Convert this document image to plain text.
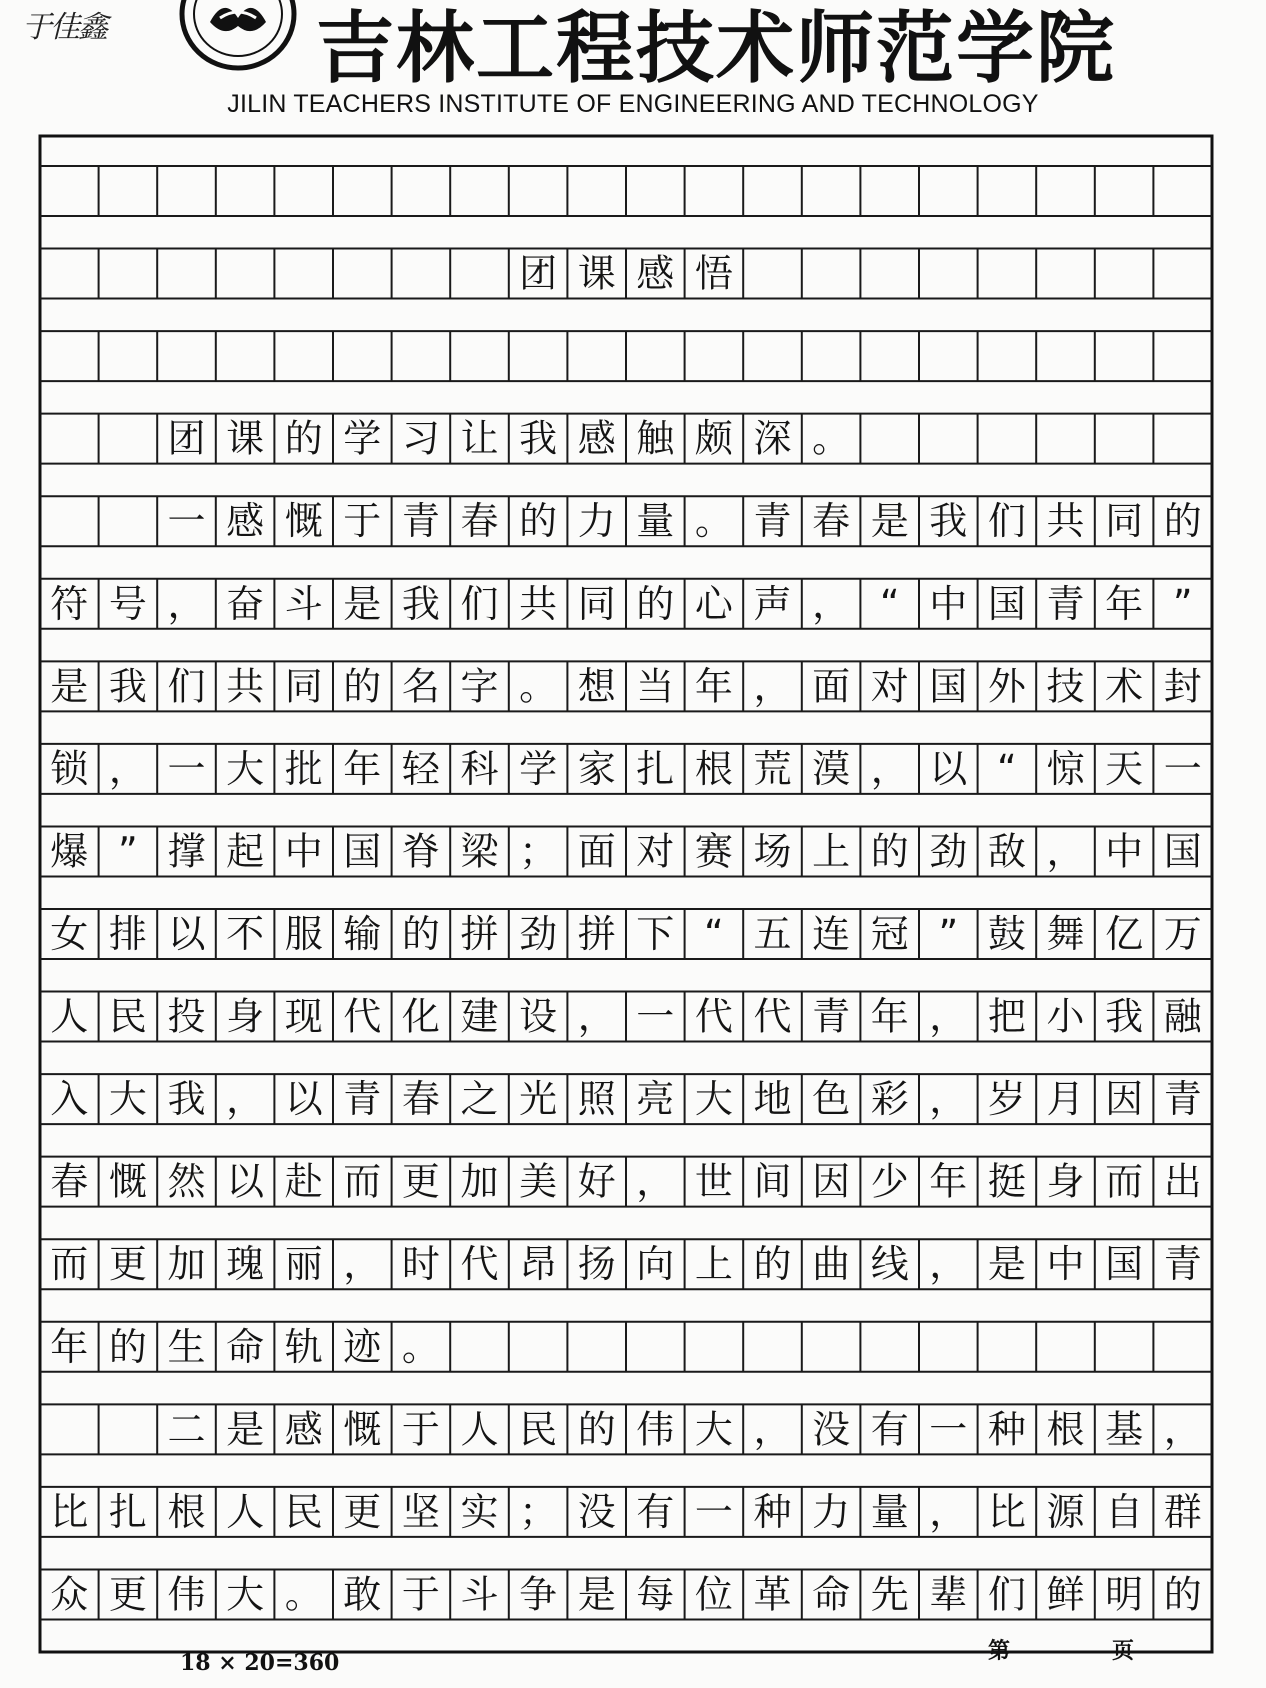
于佳鑫	吉林工程技术师范学院
JILIN TEACHERS INSTITUTE OF ENGINEERING AND TECHNOLOGY
团 课 感 悟
团 课 的 学 习 让 我 感 触 颇 深 。
一 感 慨 于 青 春 的 力 量 。 青 春 是 我 们 共 同 的
符 号 ， 奋 斗 是 我 们 共 同 的 心 声 ， “ 中 国 青 年 ”
是 我 们 共 同 的 名 字 。 想 当 年 ， 面 对 国 外 技 术 封
锁 ， 一 大 批 年 轻 科 学 家 扎 根 荒 漠 ， 以 “ 惊 天 一
爆 ” 撑 起 中 国 脊 梁 ； 面 对 赛 场 上 的 劲 敌 ， 中 国
女 排 以 不 服 输 的 拼 劲 拼 下 “ 五 连 冠 ” 鼓 舞 亿 万
人 民 投 身 现 代 化 建 设 ， 一 代 代 青 年 ， 把 小 我 融
入 大 我 ， 以 青 春 之 光 照 亮 大 地 色 彩 ， 岁 月 因 青
春 慨 然 以 赴 而 更 加 美 好 ， 世 间 因 少 年 挺 身 而 出
而 更 加 瑰 丽 ， 时 代 昂 扬 向 上 的 曲 线 ， 是 中 国 青
年 的 生 命 轨 迹 。
二 是 感 慨 于 人 民 的 伟 大 ， 没 有 一 种 根 基 ，
比 扎 根 人 民 更 坚 实 ； 没 有 一 种 力 量 ， 比 源 自 群
众 更 伟 大 。 敢 于 斗 争 是 每 位 革 命 先 辈 们 鲜 明 的
18 × 20=360	第	页
